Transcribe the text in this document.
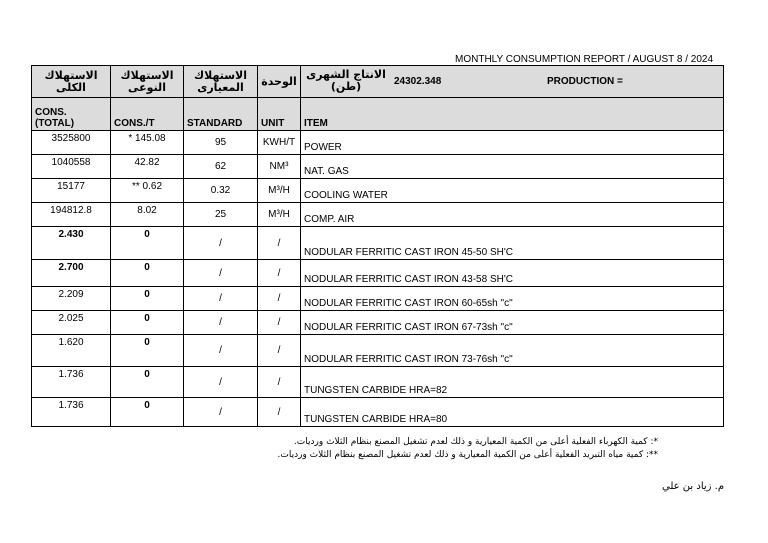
MONTHLY CONSUMPTION REPORT / AUGUST 8 / 2024
الاستهلاك الكلى	الاستهلاك النوعى	الاستهلاك المعيارى	الوحدة	الانتاج الشهرى (طن) 24302.348 PRODUCTION =

CONS. (TOTAL)	CONS./T	STANDARD	UNIT	ITEM
3525800	* 145.08	95	KWH/T	POWER
1040558	42.82	62	NM³	NAT. GAS
15177	** 0.62	0.32	M³/H	COOLING WATER
194812.8	8.02	25	M³/H	COMP. AIR
2.430	0	/	/	NODULAR FERRITIC CAST IRON 45-50 SH'C
2.700	0	/	/	NODULAR FERRITIC CAST IRON 43-58 SH'C
2.209	0	/	/	NODULAR FERRITIC CAST IRON 60-65sh "c"
2.025	0	/	/	NODULAR FERRITIC CAST IRON 67-73sh "c"
1.620	0	/	/	NODULAR FERRITIC CAST IRON 73-76sh "c"
1.736	0	/	/	TUNGSTEN CARBIDE HRA=82
1.736	0	/	/	TUNGSTEN CARBIDE HRA=80
*: كمية الكهرباء الفعلية أعلى من الكمية المعيارية و ذلك لعدم تشغيل المصنع بنظام الثلاث ورديات.
**: كمية مياه التبريد الفعلية أعلى من الكمية المعيارية و ذلك لعدم تشغيل المصنع بنظام الثلاث ورديات.
م. زياد بن علي
